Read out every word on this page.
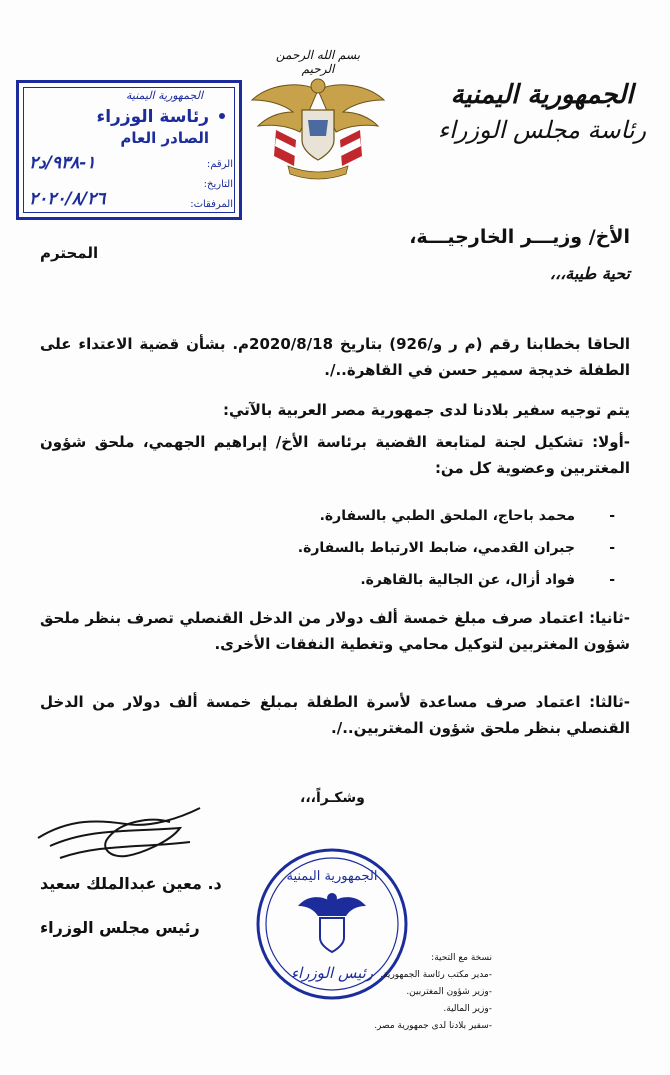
الجمهورية اليمنية
رئاسة مجلس الوزراء
بسم الله الرحمن الرحيم
الجمهورية اليمنية
رئاسة الوزراء
الصادر العام
الرقم:
١-٩٣٨/د٢
التاريخ:
المرفقات:
٢٠٢٠/٨/٢٦
الأخ/ وزيـــر الخارجيـــة،
المحترم
تحية طيبة،،،
الحاقا بخطابنا رقم (م ر و/926) بتاريخ 2020/8/18م. بشأن قضية الاعتداء على الطفلة خديجة سمير حسن في القاهرة../.
يتم توجيه سفير بلادنا لدى جمهورية مصر العربية بالآتي:
-أولا: تشكيل لجنة لمتابعة القضية برئاسة الأخ/ إبراهيم الجهمي، ملحق شؤون المغتربين وعضوية كل من:
-محمد باحاج، الملحق الطبي بالسفارة.
-جبران القدمي، ضابط الارتباط بالسفارة.
-فواد أزال، عن الجالية بالقاهرة.
-ثانيا: اعتماد صرف مبلغ خمسة ألف دولار من الدخل القنصلي تصرف بنظر ملحق شؤون المغتربين لتوكيل محامي وتغطية النفقات الأخرى.
-ثالثا: اعتماد صرف مساعدة لأسرة الطفلة بمبلغ خمسة ألف دولار من الدخل القنصلي بنظر ملحق شؤون المغتربين../.
وشكـراً،،،
د. معين عبدالملك سعيد
رئيس مجلس الوزراء
الجمهورية اليمنية
رئيس الوزراء
نسخة مع التحية:
-مدير مكتب رئاسة الجمهورية.
-وزير شؤون المغتربين.
-وزير المالية.
-سفير بلادنا لدى جمهورية مصر.
